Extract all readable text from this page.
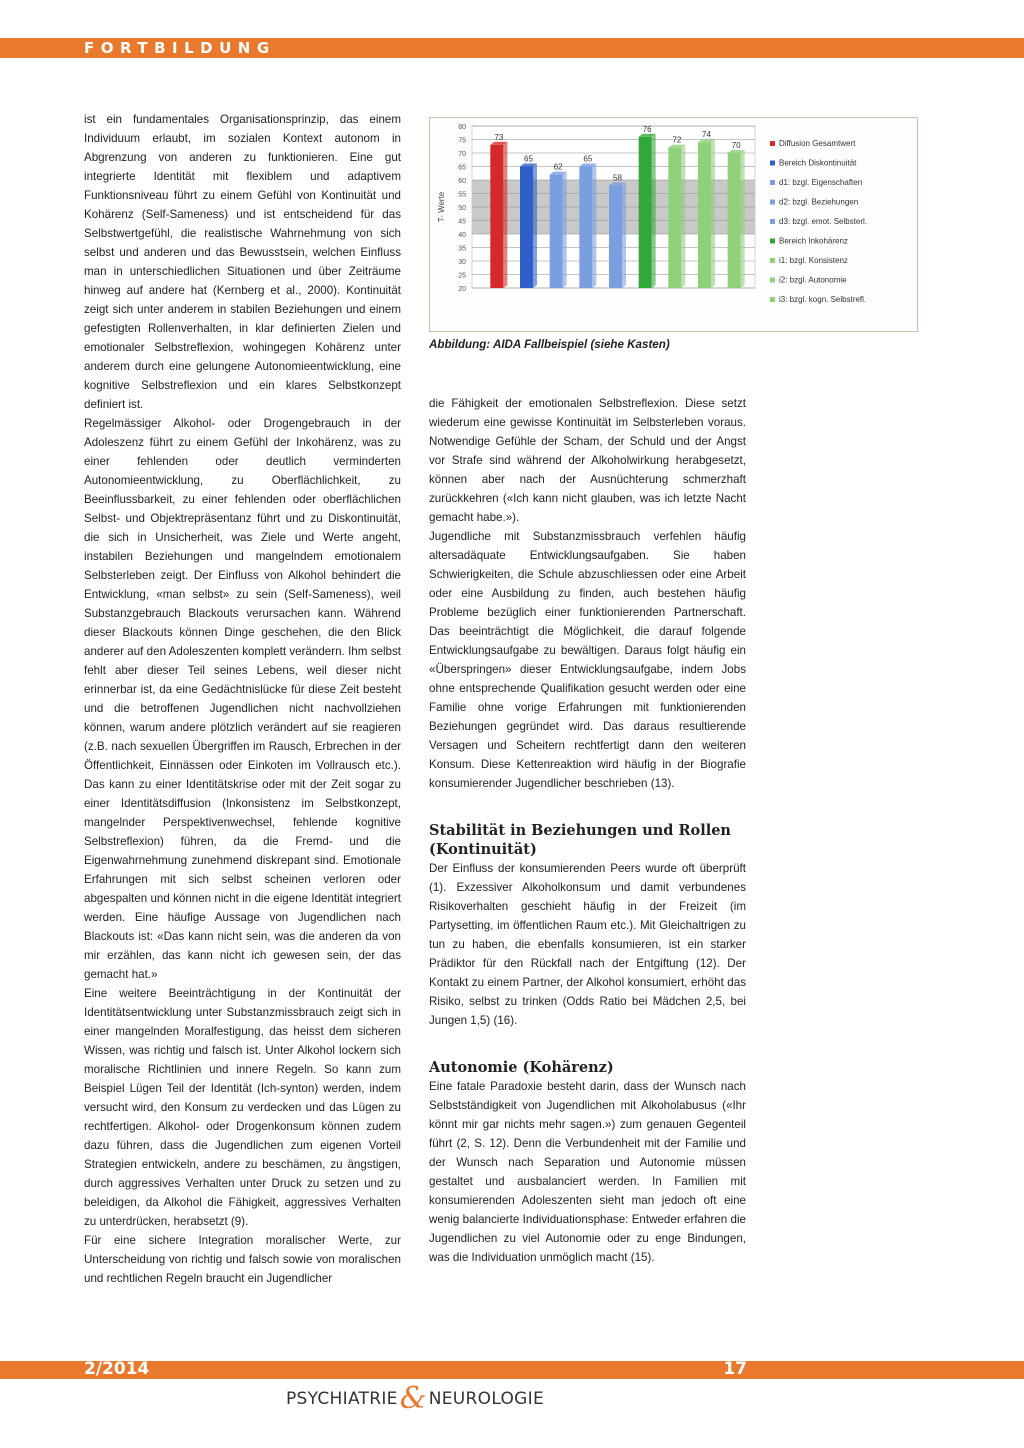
FORTBILDUNG

ist ein fundamentales Organisationsprinzip, das einem Individuum erlaubt, im sozialen Kontext autonom in Abgrenzung von anderen zu funktionieren. Eine gut integrierte Identität mit flexiblem und adaptivem Funktionsniveau führt zu einem Gefühl von Kontinuität und Kohärenz (Self-Sameness) und ist entscheidend für das Selbstwertgefühl, die realistische Wahrnehmung von sich selbst und anderen und das Bewusstsein, welchen Einfluss man in unterschiedlichen Situationen und über Zeiträume hinweg auf andere hat (Kernberg et al., 2000). Kontinuität zeigt sich unter anderem in stabilen Beziehungen und einem gefestigten Rollenverhalten, in klar definierten Zielen und emotionaler Selbstreflexion, wohingegen Kohärenz unter anderem durch eine gelungene Autonomieentwicklung, eine kognitive Selbstreflexion und ein klares Selbstkonzept definiert ist.

Regelmässiger Alkohol- oder Drogengebrauch in der Adoleszenz führt zu einem Gefühl der Inkohärenz, was zu einer fehlenden oder deutlich verminderten Autonomieentwicklung, zu Oberflächlichkeit, zu Beeinflussbarkeit, zu einer fehlenden oder oberflächlichen Selbst- und Objektrepräsentanz führt und zu Diskontinuität, die sich in Unsicherheit, was Ziele und Werte angeht, instabilen Beziehungen und mangelndem emotionalem Selbsterleben zeigt. Der Einfluss von Alkohol behindert die Entwicklung, «man selbst» zu sein (Self-Sameness), weil Substanzgebrauch Blackouts verursachen kann. Während dieser Blackouts können Dinge geschehen, die den Blick anderer auf den Adoleszenten komplett verändern. Ihm selbst fehlt aber dieser Teil seines Lebens, weil dieser nicht erinnerbar ist, da eine Gedächtnislücke für diese Zeit besteht und die betroffenen Jugendlichen nicht nachvollziehen können, warum andere plötzlich verändert auf sie reagieren (z.B. nach sexuellen Übergriffen im Rausch, Erbrechen in der Öffentlichkeit, Einnässen oder Einkoten im Vollrausch etc.). Das kann zu einer Identitätskrise oder mit der Zeit sogar zu einer Identitätsdiffusion (Inkonsistenz im Selbstkonzept, mangelnder Perspektivenwechsel, fehlende kognitive Selbstreflexion) führen, da die Fremd- und die Eigenwahrnehmung zunehmend diskrepant sind. Emotionale Erfahrungen mit sich selbst scheinen verloren oder abgespalten und können nicht in die eigene Identität integriert werden. Eine häufige Aussage von Jugendlichen nach Blackouts ist: «Das kann nicht sein, was die anderen da von mir erzählen, das kann nicht ich gewesen sein, der das gemacht hat.»

Eine weitere Beeinträchtigung in der Kontinuität der Identitätsentwicklung unter Substanzmissbrauch zeigt sich in einer mangelnden Moralfestigung, das heisst dem sicheren Wissen, was richtig und falsch ist. Unter Alkohol lockern sich moralische Richtlinien und innere Regeln. So kann zum Beispiel Lügen Teil der Identität (Ich-synton) werden, indem versucht wird, den Konsum zu verdecken und das Lügen zu rechtfertigen. Alkohol- oder Drogenkonsum können zudem dazu führen, dass die Jugendlichen zum eigenen Vorteil Strategien entwickeln, andere zu beschämen, zu ängstigen, durch aggressives Verhalten unter Druck zu setzen und zu beleidigen, da Alkohol die Fähigkeit, aggressives Verhalten zu unterdrücken, herabsetzt (9).

Für eine sichere Integration moralischer Werte, zur Unterscheidung von richtig und falsch sowie von moralischen und rechtlichen Regeln braucht ein Jugendlicher

20
25
30
35
40
45
50
55
60
65
70
75
80
T- Werte
73
65
62
65
58
76
72
74
70	Diffusion Gesamtwert
Bereich Diskontinuität
d1: bzgl. Eigenschaften
d2: bzgl. Beziehungen
d3: bzgl. emot. Selbsterl.
Bereich Inkohärenz
i1: bzgl. Konsistenz
i2: bzgl. Autonomie
i3: bzgl. kogn. Selbstrefl.
Abbildung: AIDA Fallbeispiel (siehe Kasten)

die Fähigkeit der emotionalen Selbstreflexion. Diese setzt wiederum eine gewisse Kontinuität im Selbsterleben voraus. Notwendige Gefühle der Scham, der Schuld und der Angst vor Strafe sind während der Alkoholwirkung herabgesetzt, können aber nach der Ausnüchterung schmerzhaft zurückkehren («Ich kann nicht glauben, was ich letzte Nacht gemacht habe.»).

Jugendliche mit Substanzmissbrauch verfehlen häufig altersadäquate Entwicklungsaufgaben. Sie haben Schwierigkeiten, die Schule abzuschliessen oder eine Arbeit oder eine Ausbildung zu finden, auch bestehen häufig Probleme bezüglich einer funktionierenden Partnerschaft. Das beeinträchtigt die Möglichkeit, die darauf folgende Entwicklungsaufgabe zu bewältigen. Daraus folgt häufig ein «Überspringen» dieser Entwicklungsaufgabe, indem Jobs ohne entsprechende Qualifikation gesucht werden oder eine Familie ohne vorige Erfahrungen mit funktionierenden Beziehungen gegründet wird. Das daraus resultierende Versagen und Scheitern rechtfertigt dann den weiteren Konsum. Diese Kettenreaktion wird häufig in der Biografie konsumierender Jugendlicher beschrieben (13).

Stabilität in Beziehungen und Rollen (Kontinuität)

Der Einfluss der konsumierenden Peers wurde oft überprüft (1). Exzessiver Alkoholkonsum und damit verbundenes Risikoverhalten geschieht häufig in der Freizeit (im Partysetting, im öffentlichen Raum etc.). Mit Gleichaltrigen zu tun zu haben, die ebenfalls konsumieren, ist ein starker Prädiktor für den Rückfall nach der Entgiftung (12). Der Kontakt zu einem Partner, der Alkohol konsumiert, erhöht das Risiko, selbst zu trinken (Odds Ratio bei Mädchen 2,5, bei Jungen 1,5) (16).

Autonomie (Kohärenz)

Eine fatale Paradoxie besteht darin, dass der Wunsch nach Selbstständigkeit von Jugendlichen mit Alkoholabusus («Ihr könnt mir gar nichts mehr sagen.») zum genauen Gegenteil führt (2, S. 12). Denn die Verbundenheit mit der Familie und der Wunsch nach Separation und Autonomie müssen gestaltet und ausbalanciert werden. In Familien mit konsumierenden Adoleszenten sieht man jedoch oft eine wenig balancierte Individuationsphase: Entweder erfahren die Jugendlichen zu viel Autonomie oder zu enge Bindungen, was die Individuation unmöglich macht (15).

2/2014	17
PSYCHIATRIE& NEUROLOGIE
